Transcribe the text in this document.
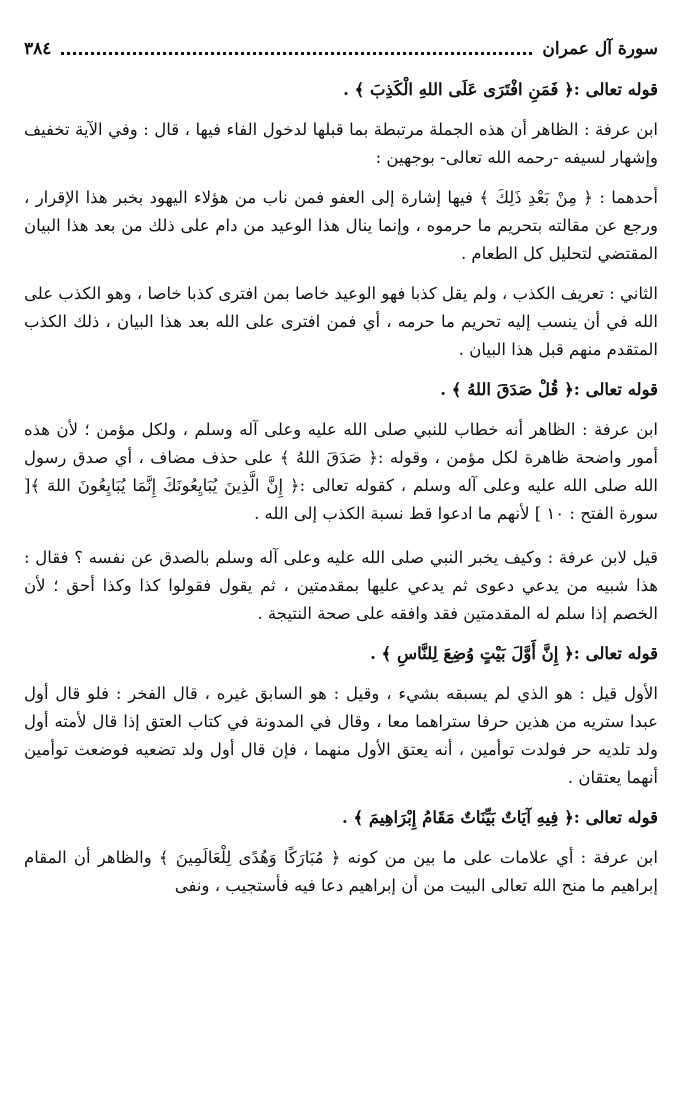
سورة آل عمران
٣٨٤

قوله تعالى :﴿ فَمَنِ افْتَرَى عَلَى اللهِ الْكَذِبَ ﴾ .

ابن عرفة : الظاهر أن هذه الجملة مرتبطة بما قبلها لدخول الفاء فيها ، قال : وفي الآية تخفيف وإشهار لسيفه -رحمه الله تعالى- بوجهين :

أحدهما : ﴿ مِنْ بَعْدِ ذَلِكَ ﴾ فيها إشارة إلى العفو فمن ناب من هؤلاء اليهود بخبر هذا الإقرار ، ورجع عن مقالته بتحريم ما حرموه ، وإنما ينال هذا الوعيد من دام على ذلك من بعد هذا البيان المقتضي لتحليل كل الطعام .

الثاني : تعريف الكذب ، ولم يقل كذبا فهو الوعيد خاصا بمن افترى كذبا خاصا ، وهو الكذب على الله في أن ينسب إليه تحريم ما حرمه ، أي فمن افترى على الله بعد هذا البيان ، ذلك الكذب المتقدم منهم قبل هذا البيان .

قوله تعالى :﴿ قُلْ صَدَقَ اللهُ ﴾ .

ابن عرفة : الظاهر أنه خطاب للنبي صلى الله عليه وعلى آله وسلم ، ولكل مؤمن ؛ لأن هذه أمور واضحة ظاهرة لكل مؤمن ، وقوله :﴿ صَدَقَ اللهُ ﴾ على حذف مضاف ، أي صدق رسول الله صلى الله عليه وعلى آله وسلم ، كقوله تعالى :﴿ إِنَّ الَّذِينَ يُبَايِعُونَكَ إِنَّمَا يُبَايِعُونَ اللهَ ﴾[ سورة الفتح : ١٠ ] لأنهم ما ادعوا قط نسبة الكذب إلى الله .

قيل لابن عرفة : وكيف يخبر النبي صلى الله عليه وعلى آله وسلم بالصدق عن نفسه ؟ فقال : هذا شبيه من يدعي دعوى ثم يدعي عليها بمقدمتين ، ثم يقول فقولوا كذا وكذا أحق ؛ لأن الخصم إذا سلم له المقدمتين فقد وافقه على صحة النتيجة .

قوله تعالى :﴿ إِنَّ أَوَّلَ بَيْتٍ وُضِعَ لِلنَّاسِ ﴾ .

الأول قيل : هو الذي لم يسبقه بشيء ، وقيل : هو السابق غيره ، قال الفخر : فلو قال أول عبدا ستريه من هذين حرفا ستراهما معا ، وقال في المدونة في كتاب العتق إذا قال لأمته أول ولد تلديه حر فولدت توأمين ، أنه يعتق الأول منهما ، فإن قال أول ولد تضعيه فوضعت توأمين أنهما يعتقان .

قوله تعالى :﴿ فِيهِ آيَاتٌ بَيِّنَاتٌ مَقَامُ إِبْرَاهِيمَ ﴾ .

ابن عرفة : أي علامات على ما بين من كونه ﴿ مُبَارَكًا وَهُدًى لِلْعَالَمِينَ ﴾ والظاهر أن المقام إبراهيم ما منح الله تعالى البيت من أن إبراهيم دعا فيه فأستجيب ، ونفى
